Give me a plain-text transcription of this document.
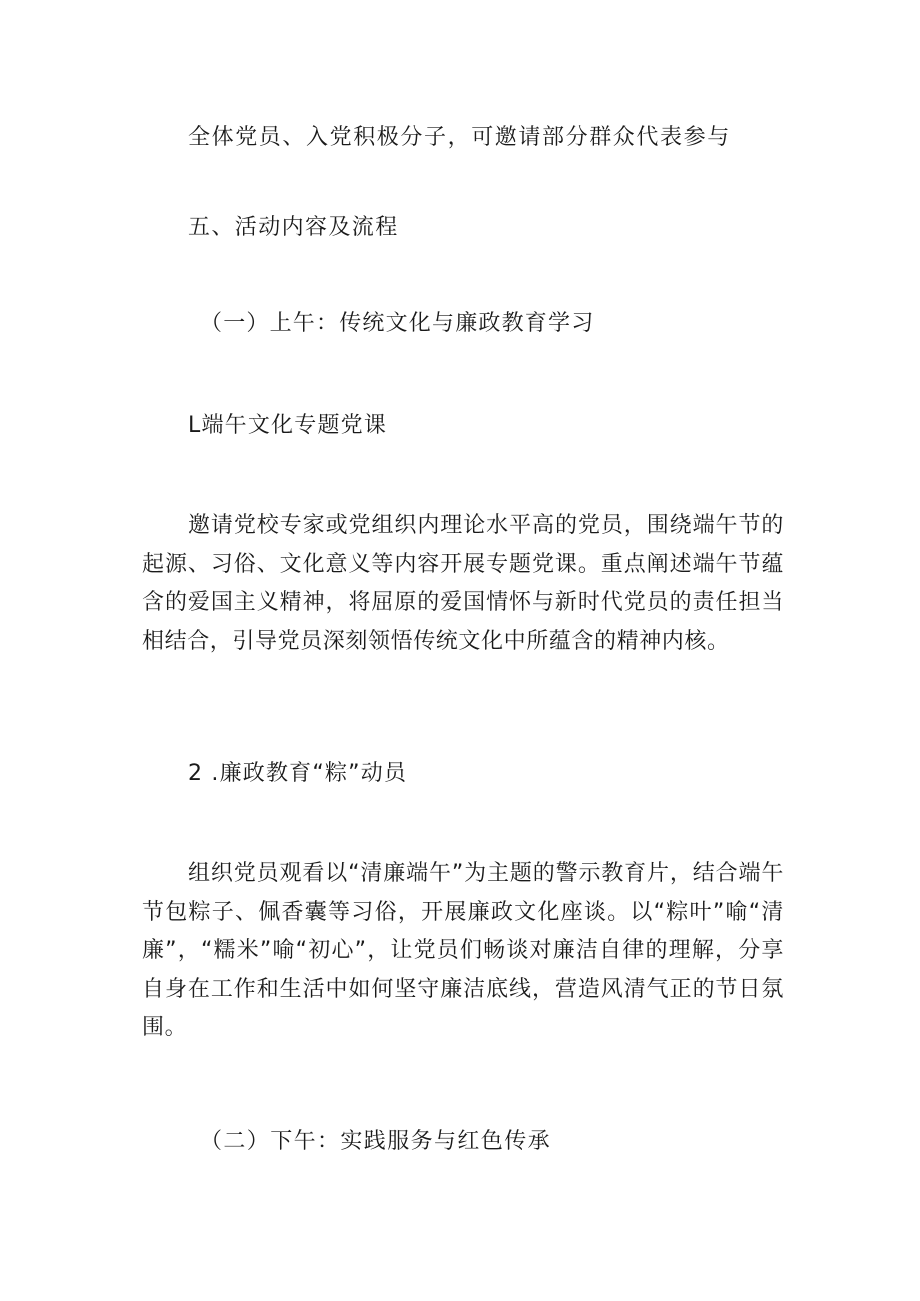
全体党员、入党积极分子，可邀请部分群众代表参与

五、活动内容及流程

（一）上午：传统文化与廉政教育学习

L端午文化专题党课

邀请党校专家或党组织内理论水平高的党员，围绕端午节的起源、习俗、文化意义等内容开展专题党课。重点阐述端午节蕴含的爱国主义精神，将屈原的爱国情怀与新时代党员的责任担当相结合，引导党员深刻领悟传统文化中所蕴含的精神内核。

2 .廉政教育“粽”动员

组织党员观看以“清廉端午”为主题的警示教育片，结合端午节包粽子、佩香囊等习俗，开展廉政文化座谈。以“粽叶”喻“清廉”，“糯米”喻“初心”，让党员们畅谈对廉洁自律的理解，分享自身在工作和生活中如何坚守廉洁底线，营造风清气正的节日氛围。

（二）下午：实践服务与红色传承
